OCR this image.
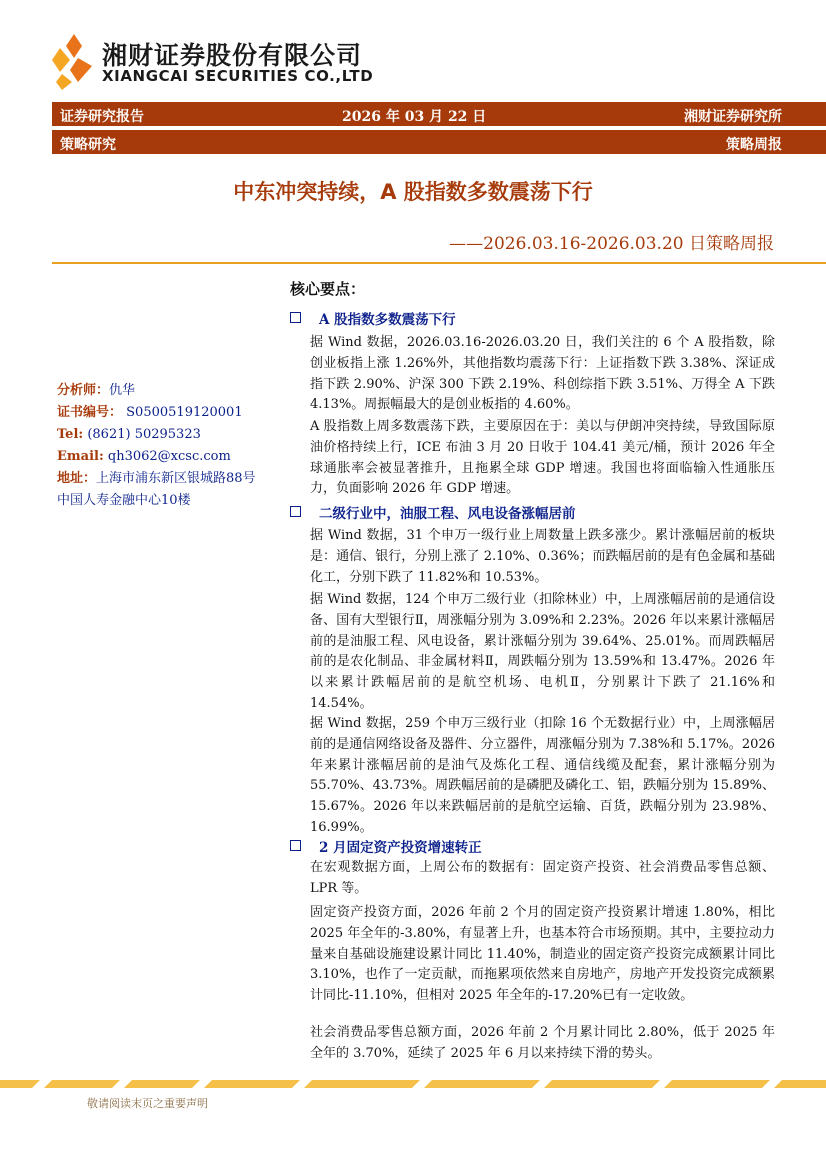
湘财证券股份有限公司
XIANGCAI SECURITIES CO.,LTD
证券研究报告	2026 年 03 月 22 日	湘财证券研究所
策略研究	策略周报
中东冲突持续，A 股指数多数震荡下行
——2026.03.16-2026.03.20 日策略周报
分析师：仇华
证书编号： S0500519120001
Tel: (8621) 50295323
Email: qh3062@xcsc.com
地址：上海市浦东新区银城路88号
中国人寿金融中心10楼
核心要点：
A 股指数多数震荡下行
据 Wind 数据，2026.03.16-2026.03.20 日，我们关注的 6 个 A 股指数，除创业板指上涨 1.26%外，其他指数均震荡下行：上证指数下跌 3.38%、深证成指下跌 2.90%、沪深 300 下跌 2.19%、科创综指下跌 3.51%、万得全 A 下跌 4.13%。周振幅最大的是创业板指的 4.60%。
A 股指数上周多数震荡下跌，主要原因在于：美以与伊朗冲突持续，导致国际原油价格持续上行，ICE 布油 3 月 20 日收于 104.41 美元/桶，预计 2026 年全球通胀率会被显著推升，且拖累全球 GDP 增速。我国也将面临输入性通胀压力，负面影响 2026 年 GDP 增速。
二级行业中，油服工程、风电设备涨幅居前
据 Wind 数据，31 个申万一级行业上周数量上跌多涨少。累计涨幅居前的板块是：通信、银行，分别上涨了 2.10%、0.36%；而跌幅居前的是有色金属和基础化工，分别下跌了 11.82%和 10.53%。
据 Wind 数据，124 个申万二级行业（扣除林业）中，上周涨幅居前的是通信设备、国有大型银行Ⅱ，周涨幅分别为 3.09%和 2.23%。2026 年以来累计涨幅居前的是油服工程、风电设备，累计涨幅分别为 39.64%、25.01%。而周跌幅居前的是农化制品、非金属材料Ⅱ，周跌幅分别为 13.59%和 13.47%。2026 年以来累计跌幅居前的是航空机场、电机Ⅱ，分别累计下跌了 21.16%和 14.54%。
据 Wind 数据，259 个申万三级行业（扣除 16 个无数据行业）中，上周涨幅居前的是通信网络设备及器件、分立器件，周涨幅分别为 7.38%和 5.17%。2026 年来累计涨幅居前的是油气及炼化工程、通信线缆及配套，累计涨幅分别为 55.70%、43.73%。周跌幅居前的是磷肥及磷化工、铝，跌幅分别为 15.89%、15.67%。2026 年以来跌幅居前的是航空运输、百货，跌幅分别为 23.98%、16.99%。
2 月固定资产投资增速转正
在宏观数据方面，上周公布的数据有：固定资产投资、社会消费品零售总额、LPR 等。
固定资产投资方面，2026 年前 2 个月的固定资产投资累计增速 1.80%，相比 2025 年全年的-3.80%，有显著上升，也基本符合市场预期。其中，主要拉动力量来自基础设施建设累计同比 11.40%，制造业的固定资产投资完成额累计同比 3.10%，也作了一定贡献，而拖累项依然来自房地产，房地产开发投资完成额累计同比-11.10%，但相对 2025 年全年的-17.20%已有一定收敛。
社会消费品零售总额方面，2026 年前 2 个月累计同比 2.80%，低于 2025 年全年的 3.70%，延续了 2025 年 6 月以来持续下滑的势头。
敬请阅读末页之重要声明
